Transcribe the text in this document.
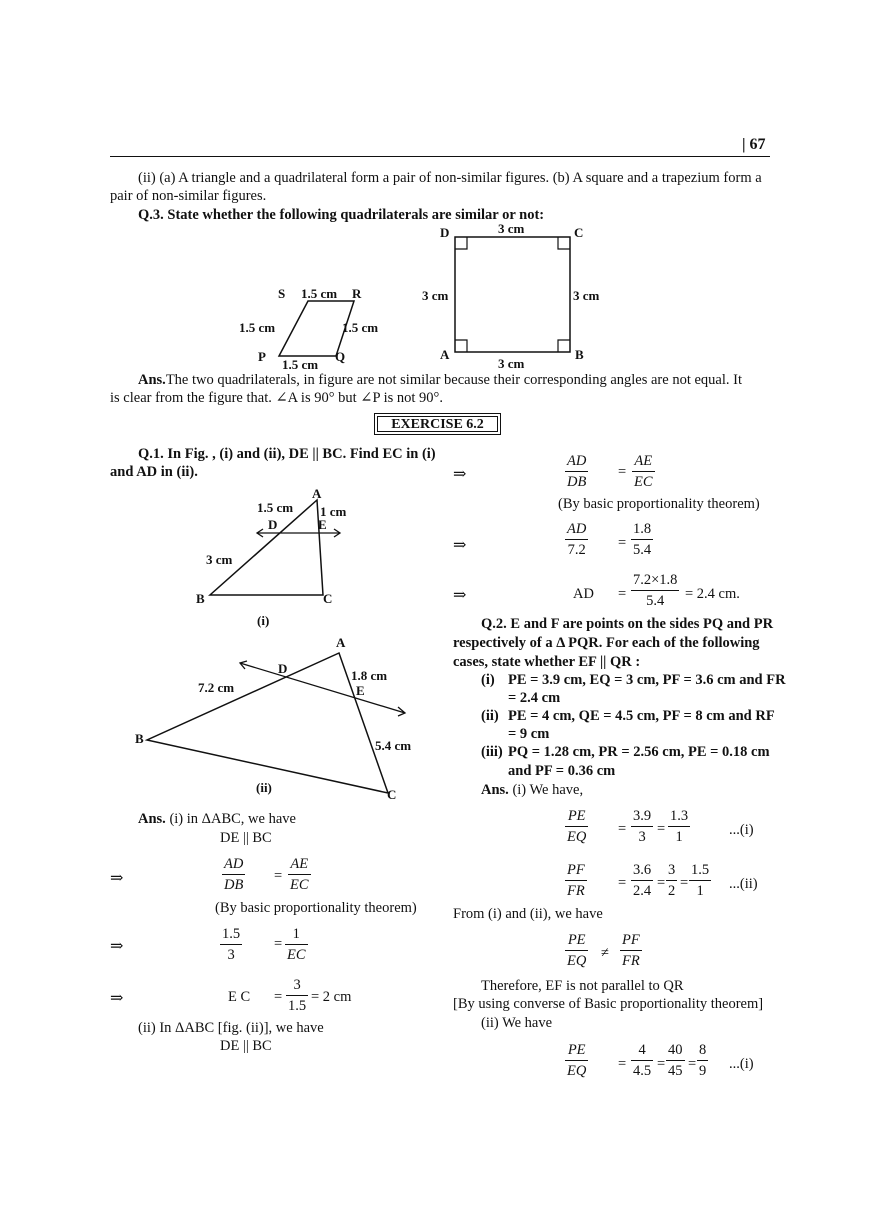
| 67
(ii) (a) A triangle and a quadrilateral form a pair of non-similar figures. (b) A square and a trapezium form a
pair of non-similar figures.
Q.3. State whether the following quadrilaterals are similar or not:
S 1.5 cm R
1.5 cm	1.5 cm
P	Q
1.5 cm
D	3 cm	C
3 cm	3 cm
A
3 cm
B
Ans.The two quadrilaterals, in figure are not similar because their corresponding angles are not equal. It
is clear from the figure that. ∠A is 90° but ∠P is not 90°.
EXERCISE 6.2
Q.1. In Fig. , (i) and (ii), DE || BC. Find EC in (i)
and AD in (ii).
A
1.5 cm 1 cm
D	E
3 cm
B	C
(i)
A
D	1.8 cm
7.2 cm	E
5.4 cm
B
C
(ii)
Ans. (i) in ΔABC, we have
DE || BC
⇒	$\frac{AD}{DB} = \frac{AE}{EC}$
(By basic proportionality theorem)
⇒	$\frac{1.5}{3} = \frac{1}{EC}$
⇒	E $C = \frac{3}{1.5} = 2$ cm
(ii) In ΔABC [fig. (ii)], we have
DE || BC
⇒	$\frac{AD}{DB} = \frac{AE}{EC}$
(By basic proportionality theorem)
⇒	$\frac{AD}{7.2} = \frac{1.8}{5.4}$
⇒	AD = $\frac{7.2\times 1.8}{5.4} = 2.4$ cm.
Q.2. E and F are points on the sides PQ and PR
respectively of a Δ PQR. For each of the following
cases, state whether EF || QR :
(i) PE = 3.9 cm, EQ = 3 cm, PF = 3.6 cm and FR
= 2.4 cm
(ii) PE = 4 cm, QE = 4.5 cm, PF = 8 cm and RF
= 9 cm
(iii) PQ = 1.28 cm, PR = 2.56 cm, PE = 0.18 cm
and PF = 0.36 cm
Ans. (i) We have,
$\frac{PE}{EQ} = \frac{3.9}{3} = \frac{1.3}{1}$	...(i)
$\frac{PF}{FR} = \frac{3.6}{2.4} = \frac{3}{2} = \frac{1.5}{1} ...(ii)$
From (i) and (ii), we have
$\frac{PE}{EQ} \ne \frac{PF}{FR}$
Therefore, EF is not parallel to QR
[By using converse of Basic proportionality theorem]
(ii) We have
$\frac{PE}{EQ} = \frac{4}{4.5} = \frac{40}{45} = \frac{8}{9} ...(i)$
